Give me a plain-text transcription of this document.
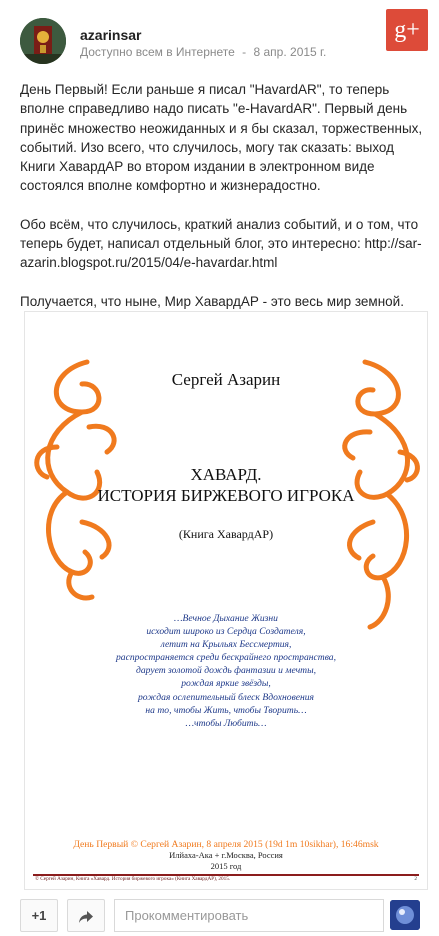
azarinsar
Доступно всем в Интернете - 8 апр. 2015 г.
g+

День Первый! Если раньше я писал "HavardAR", то теперь вполне справедливо надо писать "e-HavardAR". Первый день принёс множество неожиданных и я бы сказал, торжественных, событий. Изо всего, что случилось, могу так сказать: выход Книги ХавардАР во втором издании в электронном виде состоялся вполне комфортно и жизнерадостно.

Обо всём, что случилось, краткий анализ событий, и о том, что теперь будет, написал отдельный блог, это интересно: http://sar-azarin.blogspot.ru/2015/04/e-havardar.html

Получается, что ныне, Мир ХавардАР - это весь мир земной.

Сергей Азарин
ХАВАРД.
ИСТОРИЯ БИРЖЕВОГО ИГРОКА
(Книга ХавардАР)
…Вечное Дыхание Жизни
исходит широко из Сердца Создателя,
летит на Крыльях Бессмертия,
распространяется среди бескрайнего пространства,
дарует золотой дождь фантазии и мечты,
рождая яркие звёзды,
рождая ослепительный блеск Вдохновения
на то, чтобы Жить, чтобы Творить…
…чтобы Любить…
День Первый © Сергей Азарин, 8 апреля 2015 (19d 1m 10sikhar), 16:46msk
Илйаха-Ака + г.Москва, Россия
2015 год
© Сергей Азарин, Книга «Хавард. История биржевого игрока» (Книга ХавардАР), 2015.	2
+1	Прокомментировать
